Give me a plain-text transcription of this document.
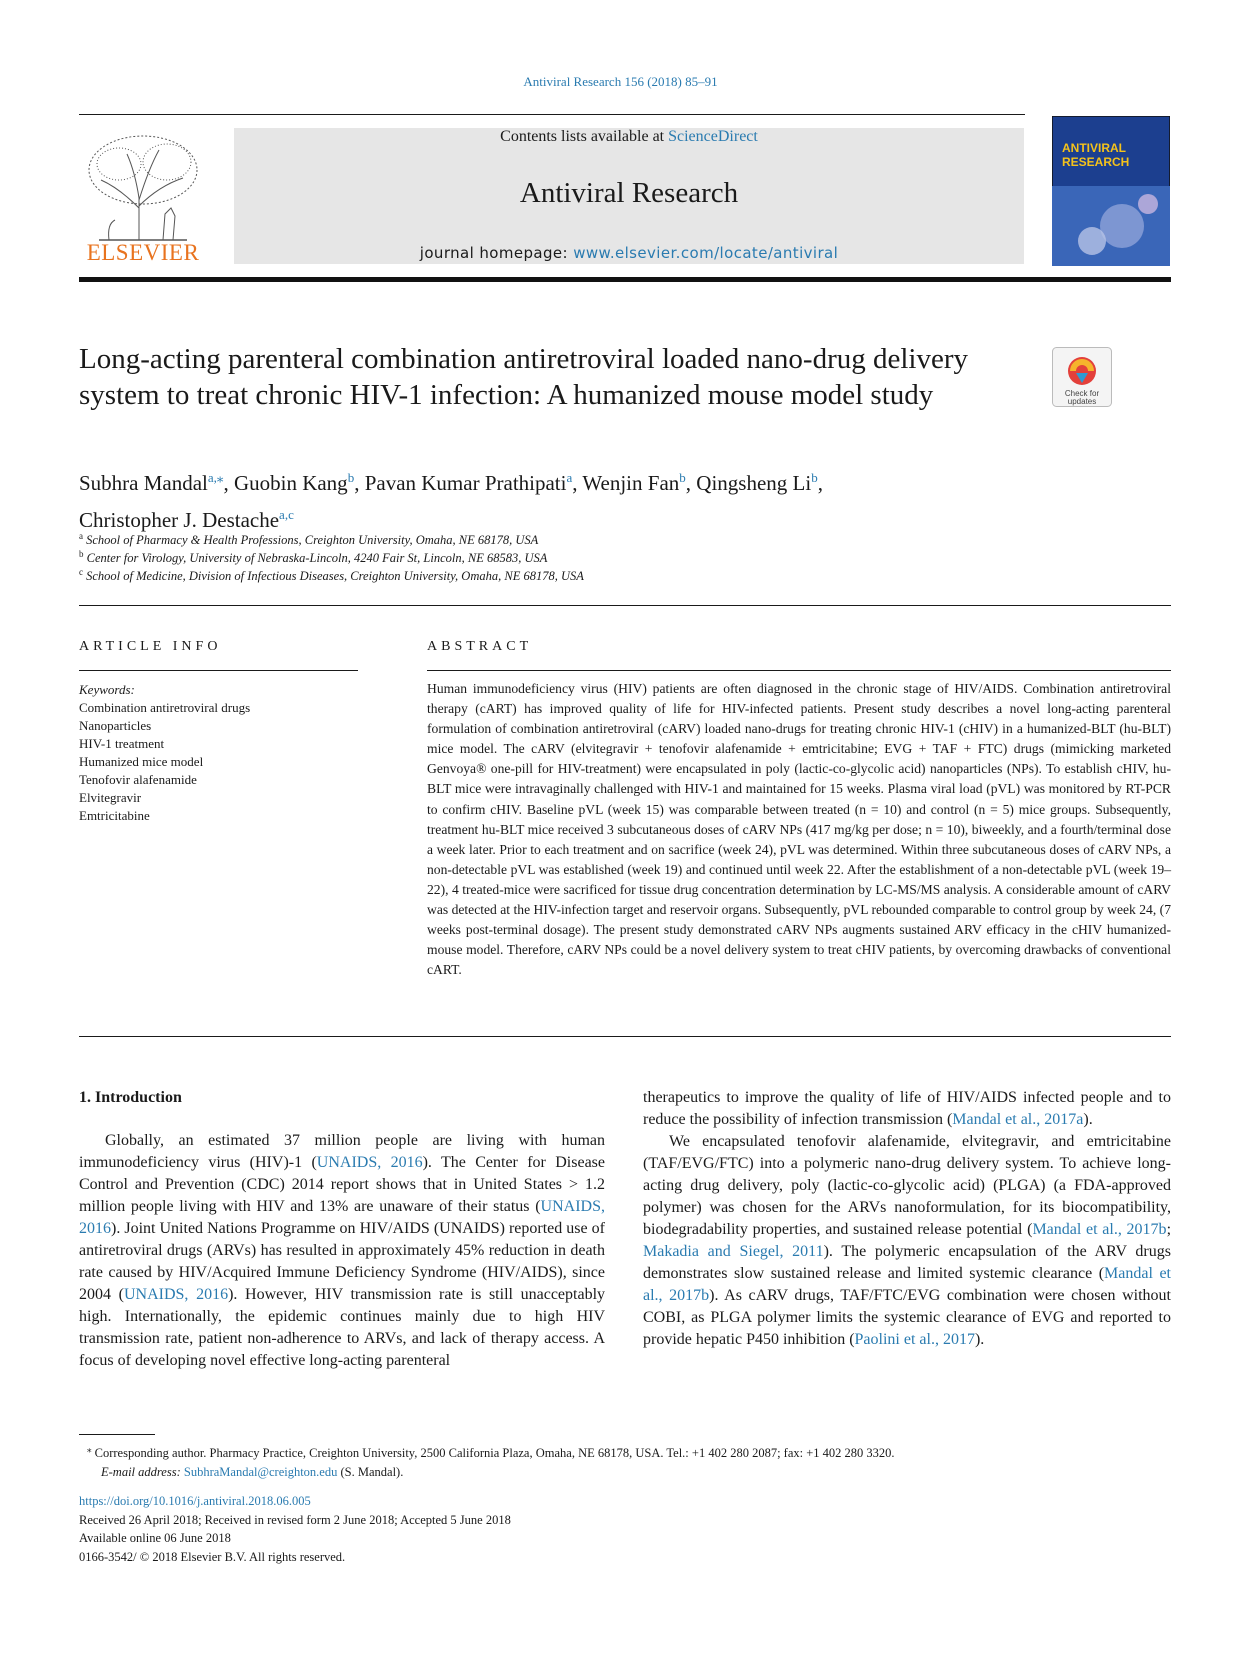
Antiviral Research 156 (2018) 85–91
ELSEVIER
Contents lists available at ScienceDirect
Antiviral Research
journal homepage: www.elsevier.com/locate/antiviral
ANTIVIRAL
RESEARCH
Long-acting parenteral combination antiretroviral loaded nano-drug delivery system to treat chronic HIV-1 infection: A humanized mouse model study	Check for
updates
Subhra Mandal$^{a,⁎}$, Guobin Kang$^b$, Pavan Kumar Prathipati$^a$, Wenjin Fan$^b$, Qingsheng Li$^b$,
Christopher J. Destache$^{a,c}$
$^a$ School of Pharmacy & Health Professions, Creighton University, Omaha, NE 68178, USA
$^b$ Center for Virology, University of Nebraska-Lincoln, 4240 Fair St, Lincoln, NE 68583, USA
$^c$ School of Medicine, Division of Infectious Diseases, Creighton University, Omaha, NE 68178, USA
ARTICLE INFO
Keywords:
Combination antiretroviral drugs
Nanoparticles
HIV-1 treatment
Humanized mice model
Tenofovir alafenamide
Elvitegravir
Emtricitabine
ABSTRACT
Human immunodeficiency virus (HIV) patients are often diagnosed in the chronic stage of HIV/AIDS. Combination antiretroviral therapy (cART) has improved quality of life for HIV-infected patients. Present study describes a novel long-acting parenteral formulation of combination antiretroviral (cARV) loaded nano-drugs for treating chronic HIV-1 (cHIV) in a humanized-BLT (hu-BLT) mice model. The cARV (elvitegravir + tenofovir alafenamide + emtricitabine; EVG + TAF + FTC) drugs (mimicking marketed Genvoya® one-pill for HIV-treatment) were encapsulated in poly (lactic-co-glycolic acid) nanoparticles (NPs). To establish cHIV, hu-BLT mice were intravaginally challenged with HIV-1 and maintained for 15 weeks. Plasma viral load (pVL) was monitored by RT-PCR to confirm cHIV. Baseline pVL (week 15) was comparable between treated (n = 10) and control (n = 5) mice groups. Subsequently, treatment hu-BLT mice received 3 subcutaneous doses of cARV NPs (417 mg/kg per dose; n = 10), biweekly, and a fourth/terminal dose a week later. Prior to each treatment and on sacrifice (week 24), pVL was determined. Within three subcutaneous doses of cARV NPs, a non-detectable pVL was established (week 19) and continued until week 22. After the establishment of a non-detectable pVL (week 19–22), 4 treated-mice were sacrificed for tissue drug concentration determination by LC-MS/MS analysis. A considerable amount of cARV was detected at the HIV-infection target and reservoir organs. Subsequently, pVL rebounded comparable to control group by week 24, (7 weeks post-terminal dosage). The present study demonstrated cARV NPs augments sustained ARV efficacy in the cHIV humanized-mouse model. Therefore, cARV NPs could be a novel delivery system to treat cHIV patients, by overcoming drawbacks of conventional cART.
1. Introduction

Globally, an estimated 37 million people are living with human immunodeficiency virus (HIV)-1 (UNAIDS, 2016). The Center for Disease Control and Prevention (CDC) 2014 report shows that in United States > 1.2 million people living with HIV and 13% are unaware of their status (UNAIDS, 2016). Joint United Nations Programme on HIV/AIDS (UNAIDS) reported use of antiretroviral drugs (ARVs) has resulted in approximately 45% reduction in death rate caused by HIV/Acquired Immune Deficiency Syndrome (HIV/AIDS), since 2004 (UNAIDS, 2016). However, HIV transmission rate is still unacceptably high. Internationally, the epidemic continues mainly due to high HIV transmission rate, patient non-adherence to ARVs, and lack of therapy access. A focus of developing novel effective long-acting parenteral

therapeutics to improve the quality of life of HIV/AIDS infected people and to reduce the possibility of infection transmission (Mandal et al., 2017a).

We encapsulated tenofovir alafenamide, elvitegravir, and emtricitabine (TAF/EVG/FTC) into a polymeric nano-drug delivery system. To achieve long-acting drug delivery, poly (lactic-co-glycolic acid) (PLGA) (a FDA-approved polymer) was chosen for the ARVs nanoformulation, for its biocompatibility, biodegradability properties, and sustained release potential (Mandal et al., 2017b; Makadia and Siegel, 2011). The polymeric encapsulation of the ARV drugs demonstrates slow sustained release and limited systemic clearance (Mandal et al., 2017b). As cARV drugs, TAF/FTC/EVG combination were chosen without COBI, as PLGA polymer limits the systemic clearance of EVG and reported to provide hepatic P450 inhibition (Paolini et al., 2017).

⁎ Corresponding author. Pharmacy Practice, Creighton University, 2500 California Plaza, Omaha, NE 68178, USA. Tel.: +1 402 280 2087; fax: +1 402 280 3320.
E-mail address: SubhraMandal@creighton.edu (S. Mandal).
https://doi.org/10.1016/j.antiviral.2018.06.005
Received 26 April 2018; Received in revised form 2 June 2018; Accepted 5 June 2018
Available online 06 June 2018
0166-3542/ © 2018 Elsevier B.V. All rights reserved.
